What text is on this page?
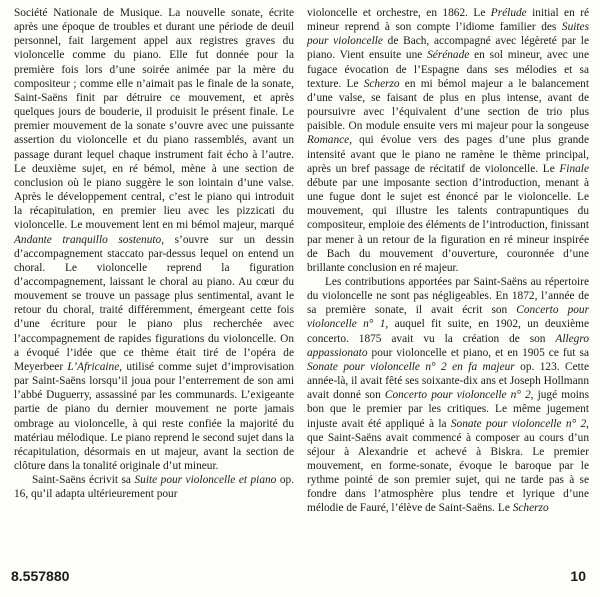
Société Nationale de Musique. La nouvelle sonate, écrite après une époque de troubles et durant une période de deuil personnel, fait largement appel aux registres graves du violoncelle comme du piano. Elle fut donnée pour la première fois lors d’une soirée animée par la mère du compositeur ; comme elle n’aimait pas le finale de la sonate, Saint-Saëns finit par détruire ce mouvement, et après quelques jours de bouderie, il produisit le présent finale. Le premier mouvement de la sonate s’ouvre avec une puissante assertion du violoncelle et du piano rassemblés, avant un passage durant lequel chaque instrument fait écho à l’autre. Le deuxième sujet, en ré bémol, mène à une section de conclusion où le piano suggère le son lointain d’une valse. Après le développement central, c’est le piano qui introduit la récapitulation, en premier lieu avec les pizzicati du violoncelle. Le mouvement lent en mi bémol majeur, marqué Andante tranquillo sostenuto, s’ouvre sur un dessin d’accompagnement staccato par-dessus lequel on entend un choral. Le violoncelle reprend la figuration d’accompagnement, laissant le choral au piano. Au cœur du mouvement se trouve un passage plus sentimental, avant le retour du choral, traité différemment, émergeant cette fois d’une écriture pour le piano plus recherchée avec l’accompagnement de rapides figurations du violoncelle. On a évoqué l’idée que ce thème était tiré de l’opéra de Meyerbeer L’Africaine, utilisé comme sujet d’improvisation par Saint-Saëns lorsqu’il joua pour l’enterrement de son ami l’abbé Duguerry, assassiné par les communards. L’exigeante partie de piano du dernier mouvement ne porte jamais ombrage au violoncelle, à qui reste confiée la majorité du matériau mélodique. Le piano reprend le second sujet dans la récapitulation, désormais en ut majeur, avant la section de clôture dans la tonalité originale d’ut mineur.

Saint-Saëns écrivit sa Suite pour violoncelle et piano op. 16, qu’il adapta ultérieurement pour

violoncelle et orchestre, en 1862. Le Prélude initial en ré mineur reprend à son compte l’idiome familier des Suites pour violoncelle de Bach, accompagné avec légèreté par le piano. Vient ensuite une Sérénade en sol mineur, avec une fugace évocation de l’Espagne dans ses mélodies et sa texture. Le Scherzo en mi bémol majeur a le balancement d’une valse, se faisant de plus en plus intense, avant de poursuivre avec l’équivalent d’une section de trio plus paisible. On module ensuite vers mi majeur pour la songeuse Romance, qui évolue vers des pages d’une plus grande intensité avant que le piano ne ramène le thème principal, après un bref passage de récitatif de violoncelle. Le Finale débute par une imposante section d’introduction, menant à une fugue dont le sujet est énoncé par le violoncelle. Le mouvement, qui illustre les talents contrapuntiques du compositeur, emploie des éléments de l’introduction, finissant par mener à un retour de la figuration en ré mineur inspirée de Bach du mouvement d’ouverture, couronnée d’une brillante conclusion en ré majeur.

Les contributions apportées par Saint-Saëns au répertoire du violoncelle ne sont pas négligeables. En 1872, l’année de sa première sonate, il avait écrit son Concerto pour violoncelle n° 1, auquel fit suite, en 1902, un deuxième concerto. 1875 avait vu la création de son Allegro appassionato pour violoncelle et piano, et en 1905 ce fut sa Sonate pour violoncelle n° 2 en fa majeur op. 123. Cette année-là, il avait fêté ses soixante-dix ans et Joseph Hollmann avait donné son Concerto pour violoncelle n° 2, jugé moins bon que le premier par les critiques. Le même jugement injuste avait été appliqué à la Sonate pour violoncelle n° 2, que Saint-Saëns avait commencé à composer au cours d’un séjour à Alexandrie et achevé à Biskra. Le premier mouvement, en forme-sonate, évoque le baroque par le rythme pointé de son premier sujet, qui ne tarde pas à se fondre dans l’atmosphère plus tendre et lyrique d’une mélodie de Fauré, l’élève de Saint-Saëns. Le Scherzo

8.557880	10
